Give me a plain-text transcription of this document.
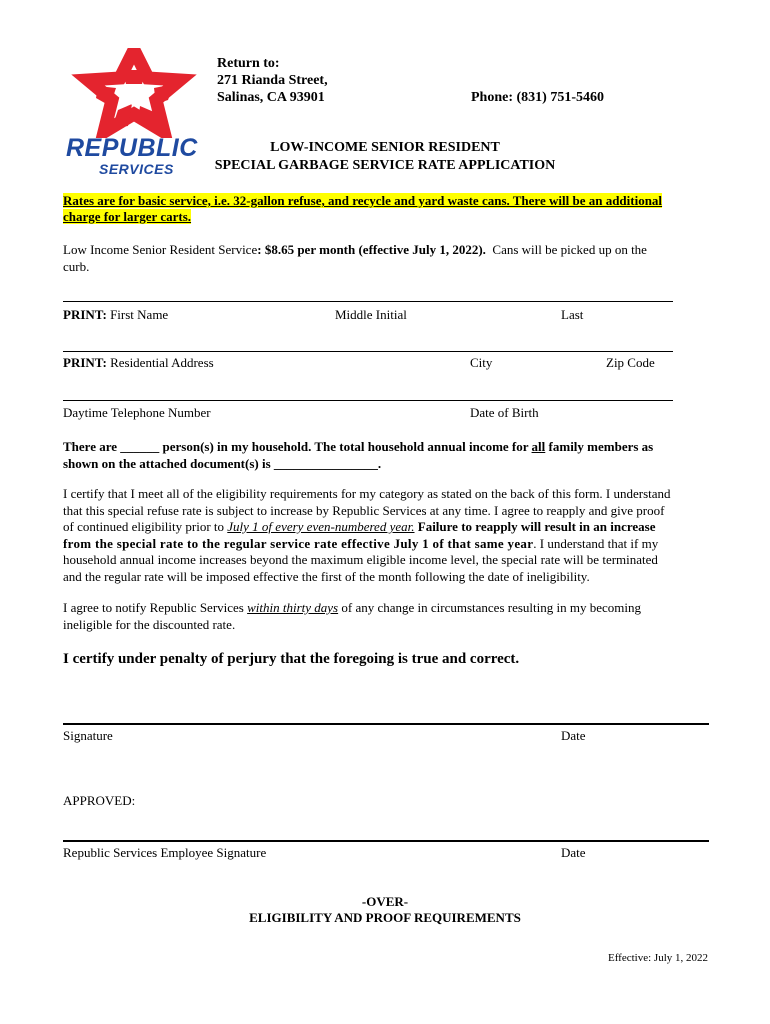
REPUBLIC
SERVICES
Return to:
271 Rianda Street,
Salinas, CA 93901	Phone: (831) 751-5460
LOW-INCOME SENIOR RESIDENT
SPECIAL GARBAGE SERVICE RATE APPLICATION
Rates are for basic service, i.e. 32-gallon refuse, and recycle and yard waste cans. There will be an additional
charge for larger carts.
Low Income Senior Resident Service: $8.65 per month (effective July 1, 2022). Cans will be picked up on the
curb.
PRINT: First Name	Middle Initial	Last
PRINT: Residential Address	City	Zip Code
Daytime Telephone Number	Date of Birth
There are ______ person(s) in my household. The total household annual income for all family members as
shown on the attached document(s) is ________________.
I certify that I meet all of the eligibility requirements for my category as stated on the back of this form. I understand
that this special refuse rate is subject to increase by Republic Services at any time. I agree to reapply and give proof
of continued eligibility prior to July 1 of every even-numbered year. Failure to reapply will result in an increase
from the special rate to the regular service rate effective July 1 of that same year. I understand that if my
household annual income increases beyond the maximum eligible income level, the special rate will be terminated
and the regular rate will be imposed effective the first of the month following the date of ineligibility.
I agree to notify Republic Services within thirty days of any change in circumstances resulting in my becoming
ineligible for the discounted rate.
I certify under penalty of perjury that the foregoing is true and correct.
Signature	Date
APPROVED:
Republic Services Employee Signature	Date
-OVER-
ELIGIBILITY AND PROOF REQUIREMENTS
Effective: July 1, 2022
